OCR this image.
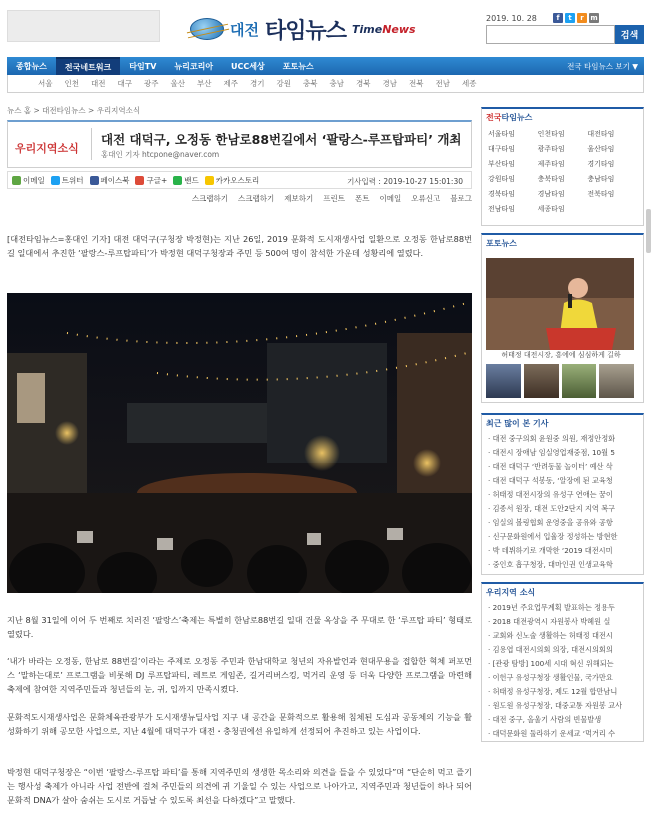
대전 타임뉴스 TimeNews
2019. 10. 28	f	t	r m
검색
종합뉴스	전국네트워크	타임TV	뉴리코리아	UCC세상	포토뉴스	전국 타임뉴스 보기 ▼
서울 인천 대전 대구 광주 울산 부산 제주 경기 강원 충북 충남 경북 경남 전북 전남 세종
뉴스 홈 > 대전타임뉴스 > 우리지역소식
우리지역소식
대전 대덕구, 오정동 한남로88번길에서 ‘팔랑스-루프탑파티’ 개최
홍대인 기자 htcpone@naver.com
이메일 트위터 페이스북 구글+ 밴드 카카오스토리	기사입력 : 2019-10-27 15:01:30
스크랩하기 스크랩하기 제보하기 프린트 폰트 이메일 오류신고 블로그

[대전타임뉴스=홍대인 기자] 대전 대덕구(구청장 박정현)는 지난 26일, 2019 문화적 도시재생사업 일환으로 오정동 한남로88번길 일대에서 추진한 ‘팔랑스-루프탑파티’가 박정현 대덕구청장과 주민 등 500여 명이 참석한 가운데 성황리에 열렸다.

지난 8월 31일에 이어 두 번째로 치러진 ‘팔랑스’축제는 특별히 한남로88번길 일대 건물 옥상을 주 무대로 한 ‘루프탑 파티’ 형태로 열렸다.

‘내가 바라는 오정동, 한남로 88번길’이라는 주제로 오정동 주민과 한남대학교 청년의 자유발언과 현대무용을 접합한 혁체 퍼포먼스 ‘말하는대로’ 프로그램을 비롯해 DJ 루프탑파티, 레트로 게임존, 길거리버스킹, 먹거리 운영 등 더욱 다양한 프로그램을 마련해 축제에 참여한 지역주민들과 청년들의 눈, 귀, 입까지 만족시켰다.

문화적도시재생사업은 문화체육관광부가 도시재생뉴딜사업 지구 내 공간을 문화적으로 활용해 침체된 도심과 공동체의 기능을 활성화하기 위해 공모한 사업으로, 지난 4월에 대덕구가 대전・충청권에선 유일하게 선정되어 추진하고 있는 사업이다.

박정현 대덕구청장은 “이번 ‘팔랑스-루프탑 파티’를 통해 지역주민의 생생한 목소리와 의견을 들을 수 있었다”며 “단순히 먹고 즐기는 행사성 축제가 아니라 사업 전반에 걸쳐 주민들의 의견에 귀 기울일 수 있는 사업으로 나아가고, 지역주민과 청년들이 하나 되어 문화적 DNA가 살아 숨쉬는 도시로 거듭날 수 있도록 최선을 다하겠다”고 말했다.

전국타임뉴스
서울타임	인천타임	대전타임
대구타임	광주타임	울산타임
부산타임	제주타임	경기타임
강원타임	충북타임	충남타임
경북타임	경남타임	전북타임
전남타임	세종타임
포토뉴스
허태정 대전시장, 흥에에 심심하게 길하
최근 많이 본 기사
· 대전 중구의회 윤원중 의원, 재정안정화
· 대전시 장애남 임실영업재중점, 10월 5
· 대전 대덕구 ‘반려동물 놀이터’ 예산 삭
· 대전 대덕구 석봉동, ‘알장에 된 교육청
· 허태정 대전시장의 유성구 연애는 꿈이
· 김종서 원장, 대전 도안2단지 지역 복구
· 임실의 볼링협회 운영중을 공유와 공항
· 신구문화원에서 입율장 정성하는 방현한
· 박 데뷔하기로 개막한 ‘2019 대전시미
· 중인호 흡구청장, 대마인권 인생교육학
우리지역 소식
· 2019년 주요업무계획 발표하는 정용두
· 2018 대전광역시 자원봉사 박혜원 실
· 교회와 신노술 생활하는 허태정 대전시
· 김용엽 대전시의회 의장, 대전시의회의
· [관광 탐방] 100세 시대 혁신 위해되는
· 이헌구 유성구청장 생활인물, 국가만요
· 허태정 유성구청장, 제도 12월 합만남니
· 원도원 유성구청장, 대중교통 자원봉 교사
· 대전 중구, 올울기 사람의 빈물발생
· 대덕문화원 둘라하기 운세교 ‘먹거리 수
